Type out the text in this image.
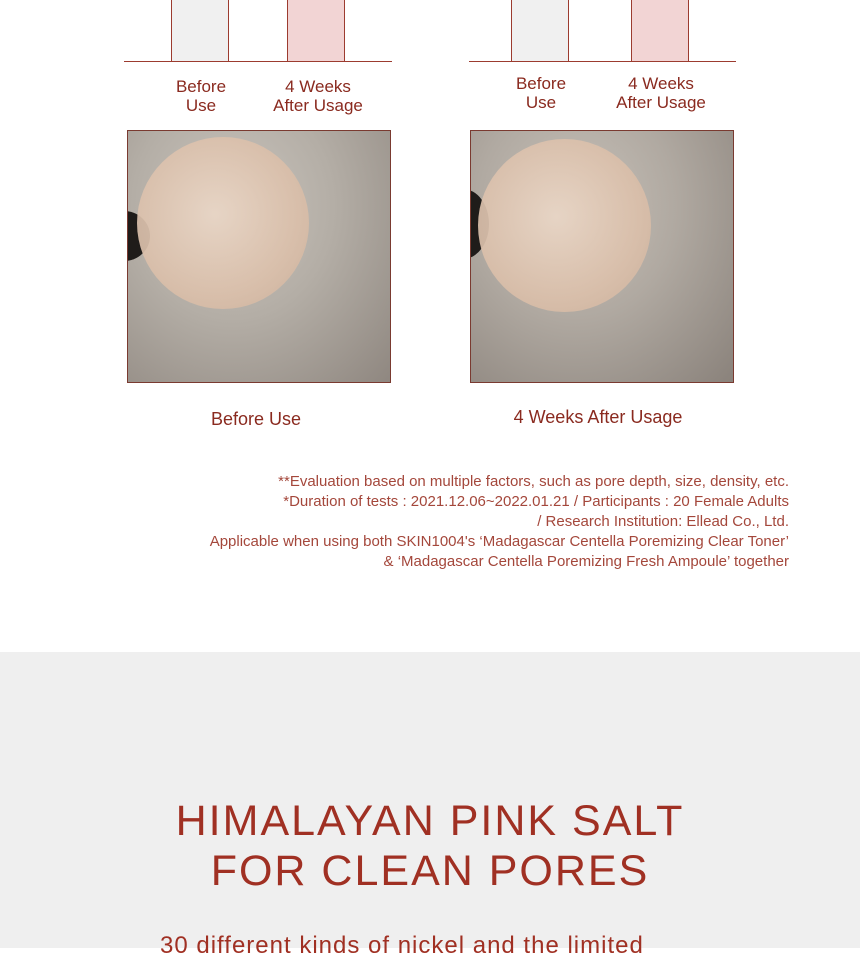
Before
Use
4 Weeks
After Usage
Before
Use
4 Weeks
After Usage
Before Use	4 Weeks After Usage
**Evaluation based on multiple factors, such as pore depth, size, density, etc.
*Duration of tests : 2021.12.06~2022.01.21 / Participants : 20 Female Adults
/ Research Institution: Ellead Co., Ltd.
Applicable when using both SKIN1004's ‘Madagascar Centella Poremizing Clear Toner’
& ‘Madagascar Centella Poremizing Fresh Ampoule’ together
HIMALAYAN PINK SALT
FOR CLEAN PORES
30 different kinds of nickel and the limited
